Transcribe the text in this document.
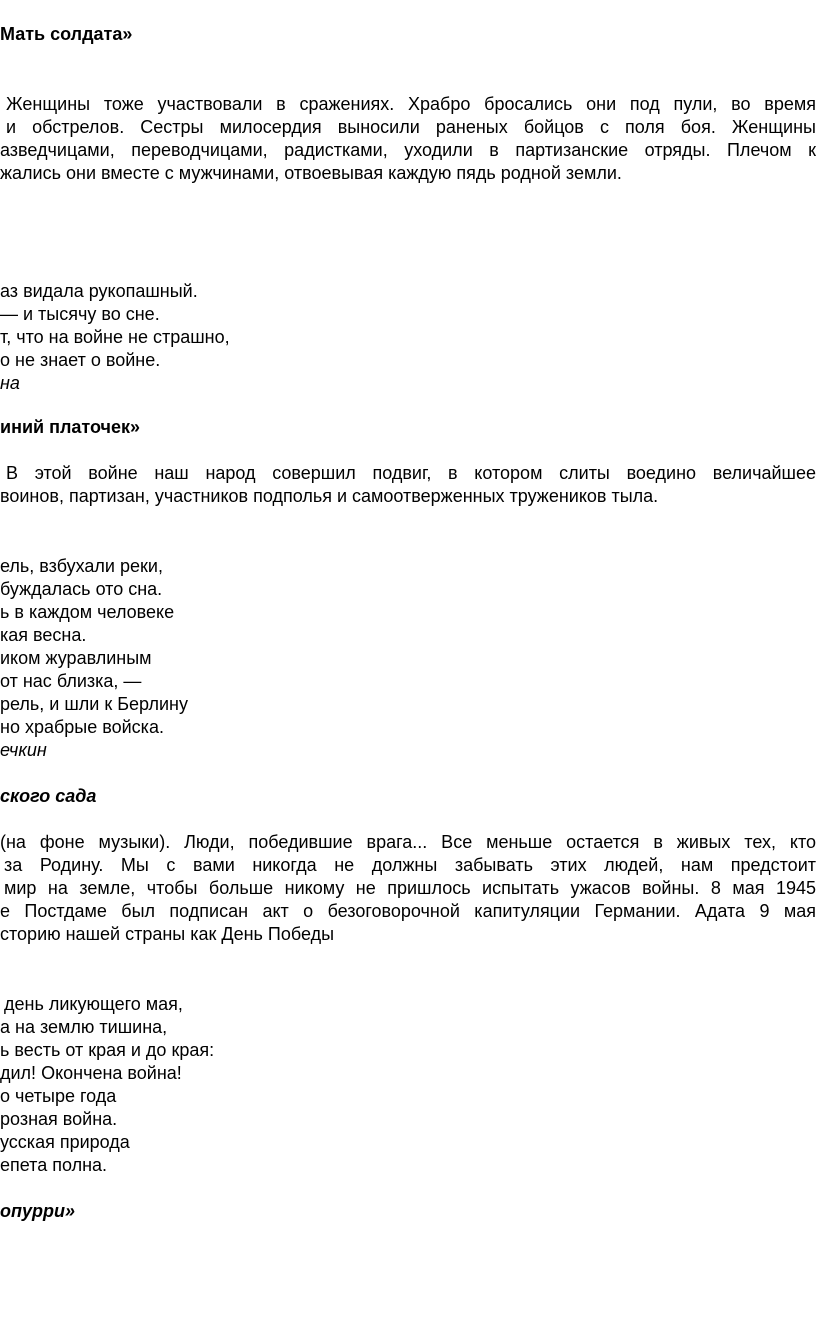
Мать солдата»
Женщины тоже участвовали в сражениях. Храбро бросались они под пули, во время
и обстрелов. Сестры милосердия выносили раненых бойцов с поля боя. Женщины
азведчицами, переводчицами, радистками, уходили в партизанские отряды. Плечом к
жались они вместе с мужчинами, отвоевывая каждую пядь родной земли.
аз видала рукопашный.
— и тысячу во сне.
т, что на войне не страшно,
о не знает о войне.
на
иний платочек»
В этой войне наш народ совершил подвиг, в котором слиты воедино величайшее
воинов, партизан, участников подполья и самоотверженных тружеников тыла.
ель, взбухали реки,
буждалась ото сна.
ь в каждом человеке
кая весна.
иком журавлиным
от нас близка, —
рель, и шли к Берлину
но храбрые войска.
ечкин
ского сада
(на фоне музыки). Люди, победившие врага... Все меньше остается в живых тех, кто
за Родину. Мы с вами никогда не должны забывать этих людей, нам предстоит
мир на земле, чтобы больше никому не пришлось испытать ужасов войны. 8 мая 1945
е Постдаме был подписан акт о безоговорочной капитуляции Германии. Адата 9 мая
сторию нашей страны как День Победы
день ликующего мая,
а на землю тишина,
ь весть от края и до края:
дил! Окончена война!
о четыре года
розная война.
усская природа
епета полна.
опурри»
